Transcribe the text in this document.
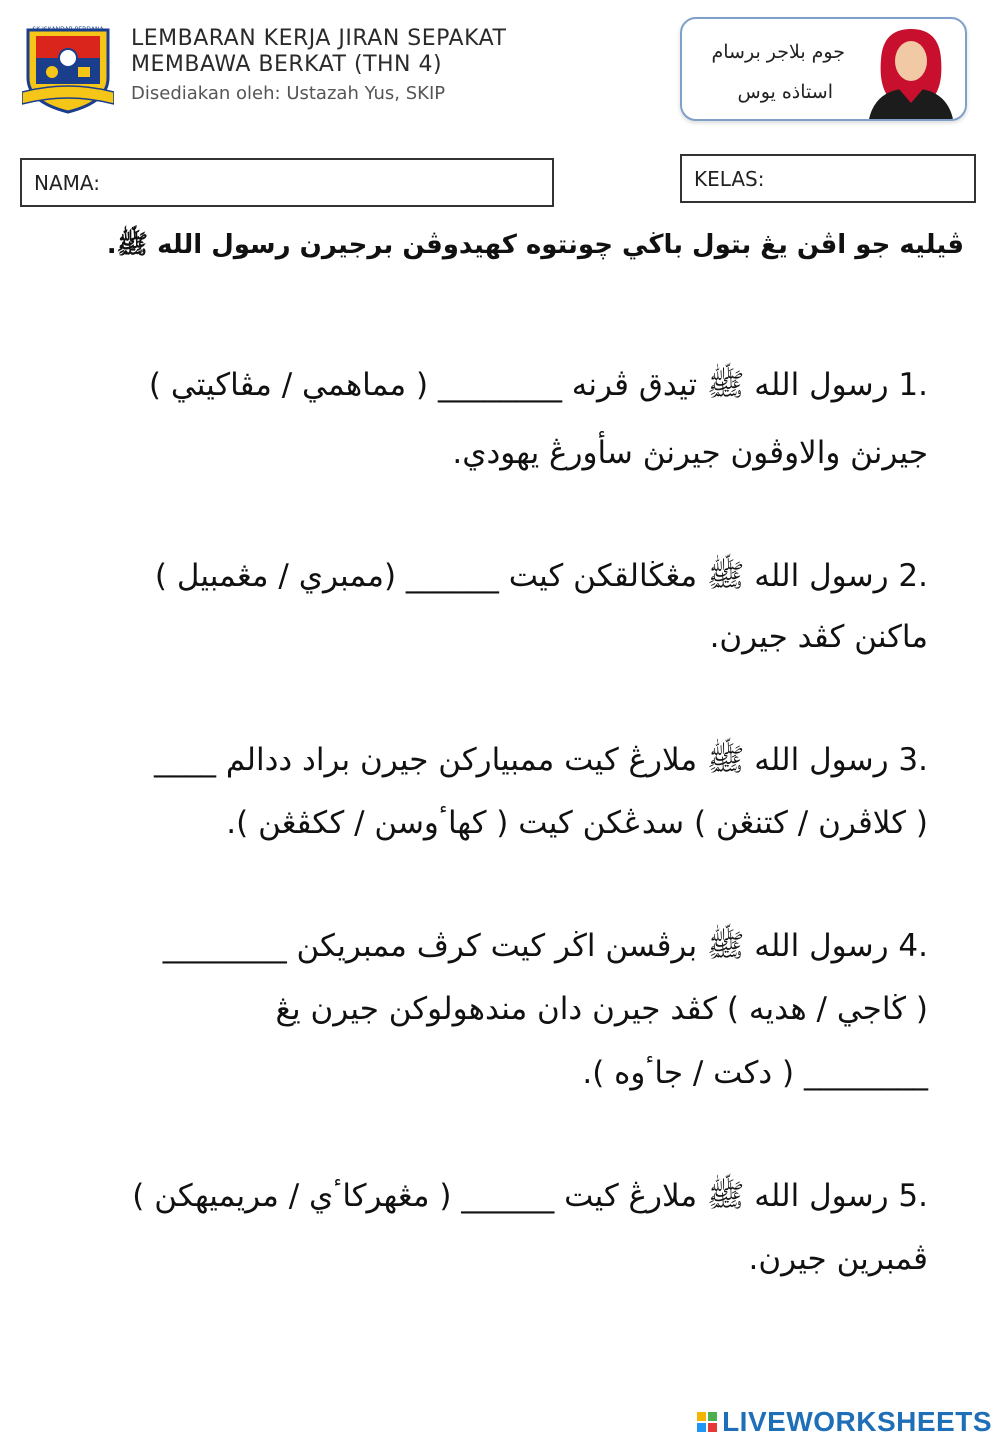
SK ISKANDAR PERDANA LEMBARAN KERJA JIRAN SEPAKAT
MEMBAWA BERKAT (THN 4)
Disediakan oleh: Ustazah Yus, SKIP
جوم بلاجر برسام
استاذه يوس
NAMA:	KELAS:
ڤيليه جو اڤن يڠ بتول باڬي چونتوه كهيدوڤن برجيرن رسول الله ﷺ.
1. رسول الله ﷺ تيدق ڤرنه ________ ( مماهمي / مڤاكيتي )
جيرنڽ والاوڤون جيرنڽ سأورڠ يهودي.
2. رسول الله ﷺ مڠڬالقكن كيت ______ (ممبري / مڠمبيل )
ماكنن كڤد جيرن.
3. رسول الله ﷺ ملارڠ كيت ممبياركن جيرن براد ددالم ____
( كلاڤرن / كتنڠن ) سدڠكن كيت ( كهاٴوسن / ككڤڠن ).
4. رسول الله ﷺ برڤسن اڬر كيت كرڤ ممبريكن ________
( ڬاجي / هديه ) كڤد جيرن دان مندهولوكن جيرن يڠ
________ ( دكت / جاٴوه ).
5. رسول الله ﷺ ملارڠ كيت ______ ( مڠهركاٴي / مريميهكن )
ڤمبرين جيرن.
LIVEWORKSHEETS
